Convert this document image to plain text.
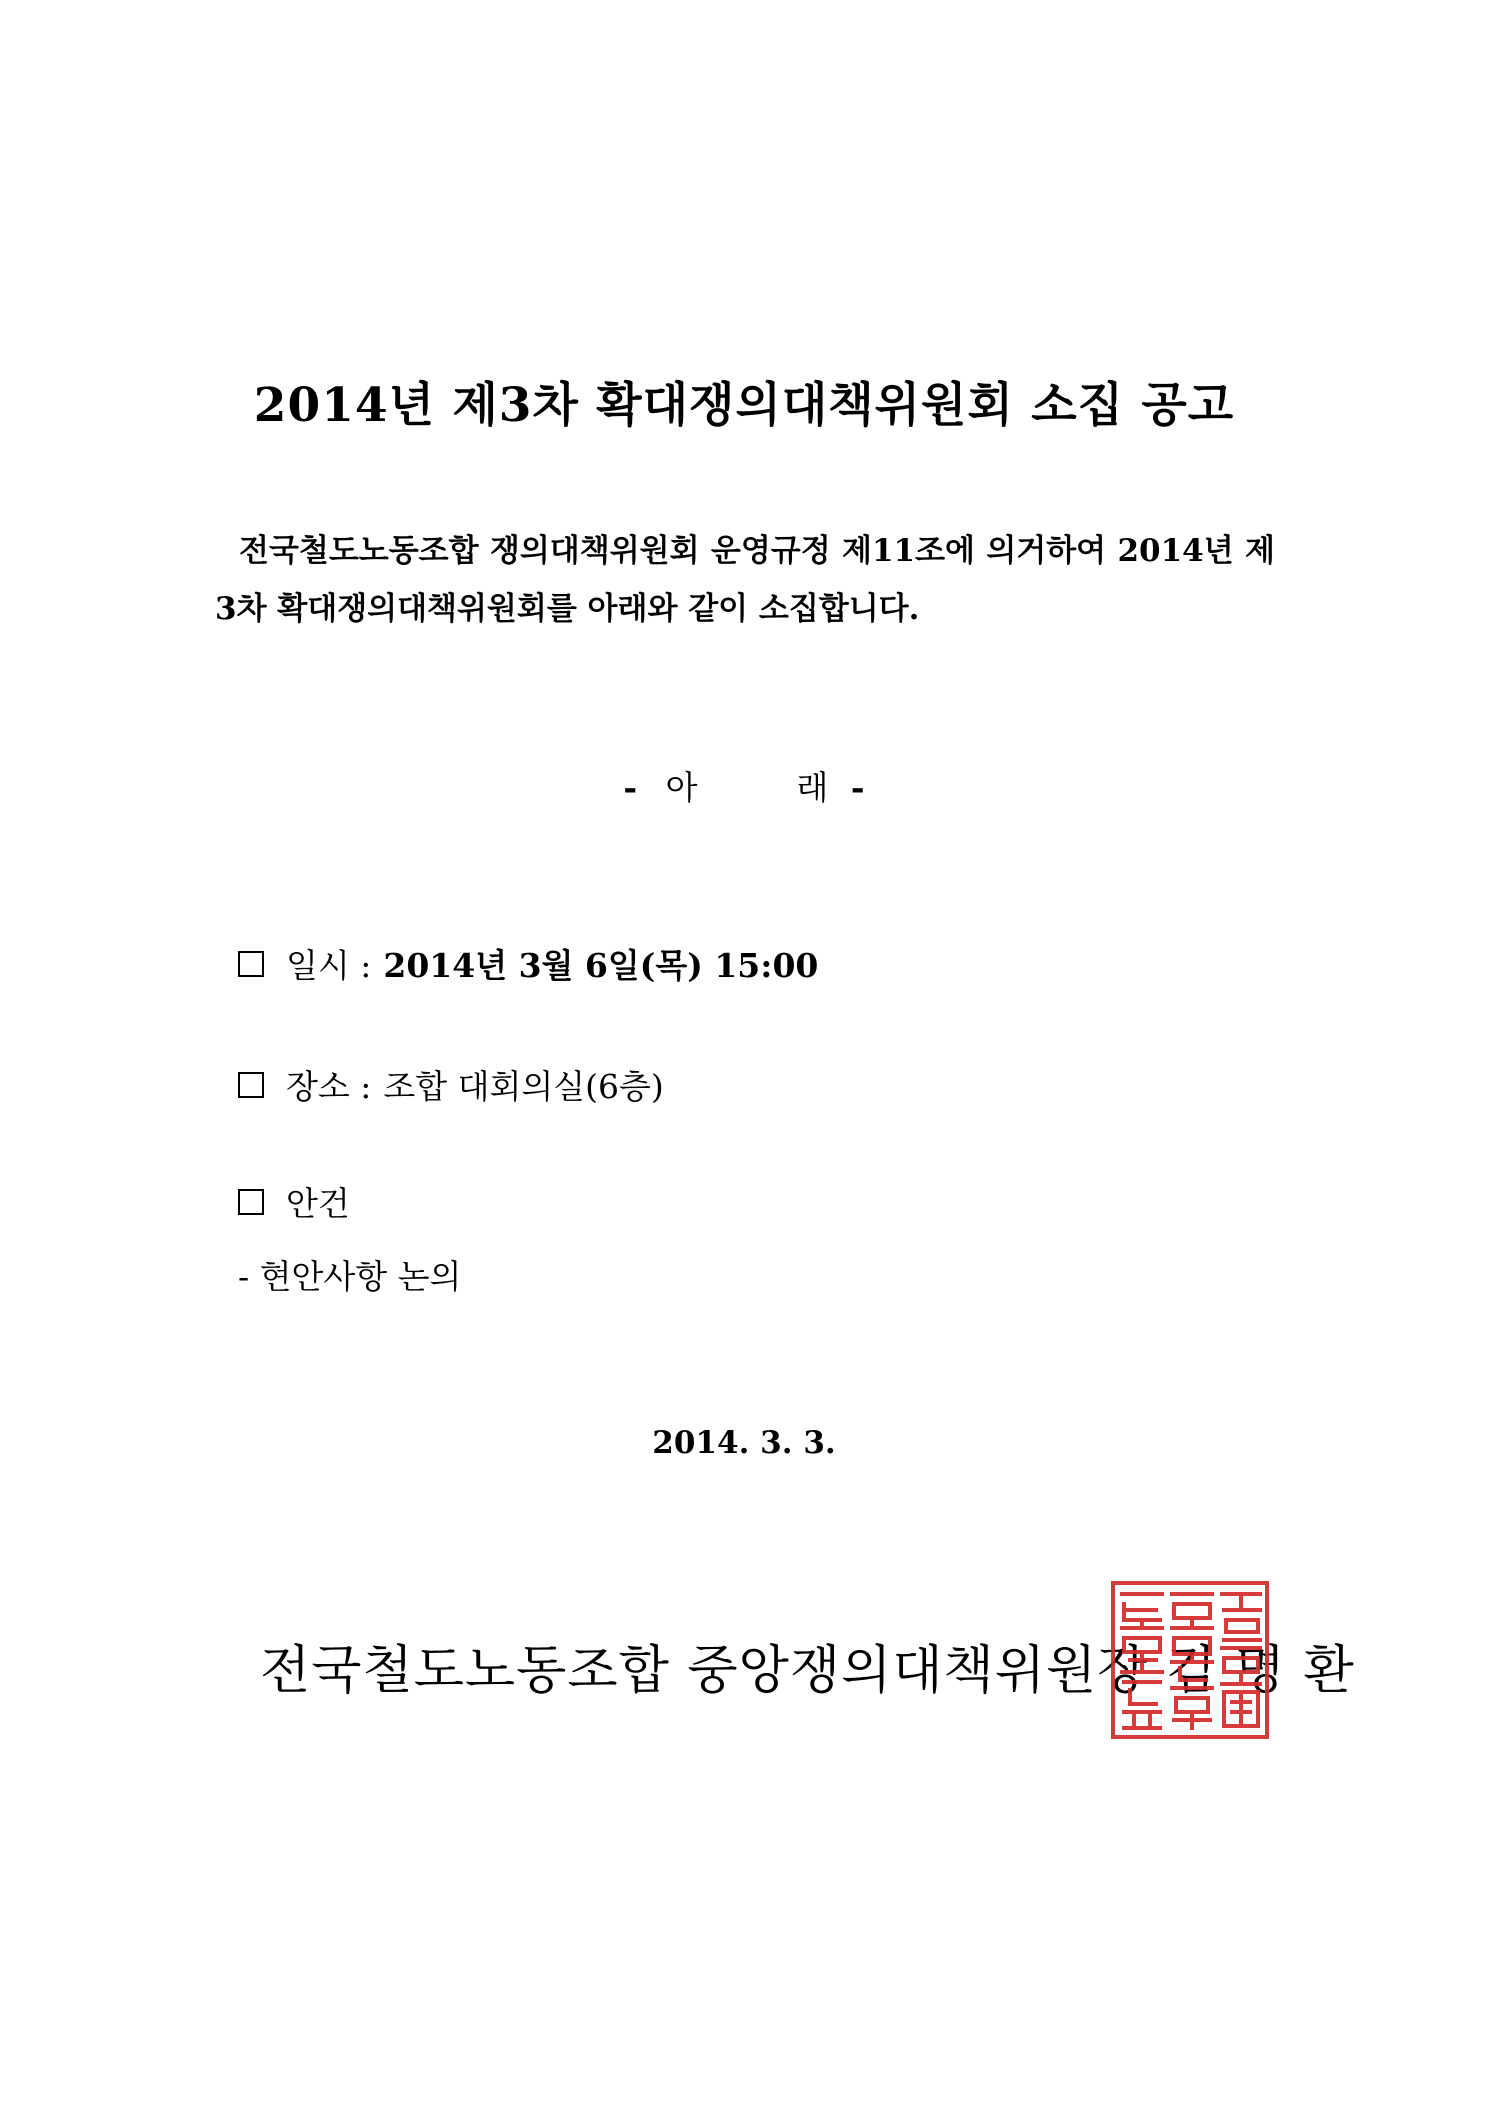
2014년 제3차 확대쟁의대책위원회 소집 공고
전국철도노동조합 쟁의대책위원회 운영규정 제11조에 의거하여 2014년 제3차 확대쟁의대책위원회를 아래와 같이 소집합니다.
- 아	래 -
일시 : 2014년 3월 6일(목) 15:00
장소 : 조합 대회의실(6층)
안건
- 현안사항 논의
2014. 3. 3.
전국철도노동조합 중앙쟁의대책위원장 김 명 환
